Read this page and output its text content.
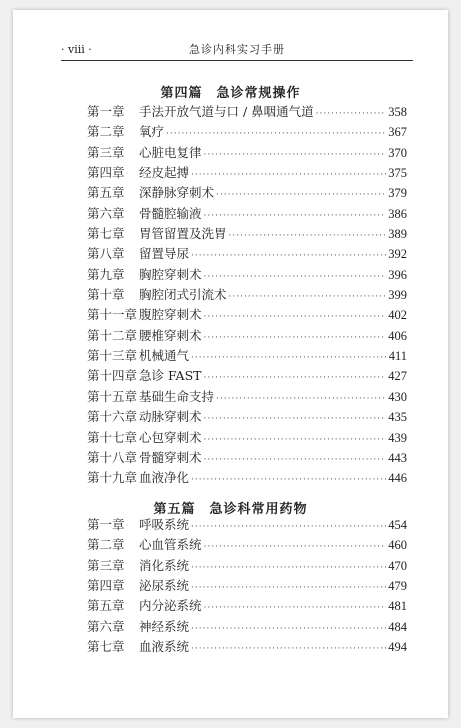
· viii ·	急诊内科实习手册
第四篇　急诊常规操作
第一章	手法开放气道与口 / 鼻咽通气道 ·····	358
第二章	氧疗 ·····	367
第三章	心脏电复律 ·····	370
第四章	经皮起搏 ·····	375
第五章	深静脉穿刺术 ·····	379
第六章	骨髓腔输液 ·····	386
第七章	胃管留置及洗胃 ·····	389
第八章	留置导尿 ·····	392
第九章	胸腔穿刺术 ·····	396
第十章	胸腔闭式引流术 ·····	399
第十一章 腹腔穿刺术 ·····	402
第十二章 腰椎穿刺术 ·····	406
第十三章 机械通气 ·····	411
第十四章 急诊 FAST ·····	427
第十五章 基础生命支持 ·····	430
第十六章 动脉穿刺术 ·····	435
第十七章 心包穿刺术 ·····	439
第十八章 骨髓穿刺术 ·····	443
第十九章 血液净化 ·····	446
第五篇　急诊科常用药物
第一章	呼吸系统 ·····	454
第二章	心血管系统 ·····	460
第三章	消化系统 ·····	470
第四章	泌尿系统 ·····	479
第五章	内分泌系统 ·····	481
第六章	神经系统 ·····	484
第七章	血液系统 ·····	494
